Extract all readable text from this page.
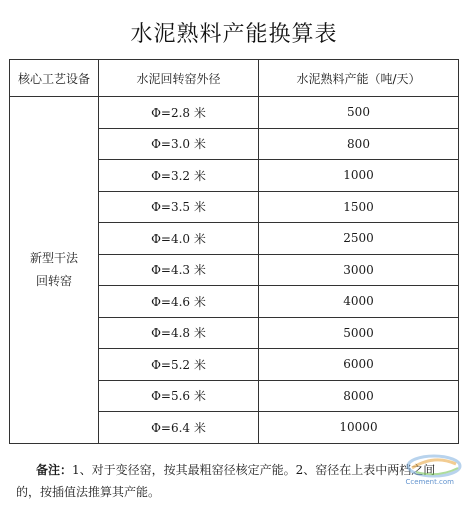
水泥熟料产能换算表
核心工艺设备	水泥回转窑外径	水泥熟料产能（吨/天）

新型干法
回转窑	Φ=2.8 米	500
	Φ=3.0 米	800
	Φ=3.2 米	1000
	Φ=3.5 米	1500
	Φ=4.0 米	2500
	Φ=4.3 米	3000
	Φ=4.6 米	4000
	Φ=4.8 米	5000
	Φ=5.2 米	6000
	Φ=5.6 米	8000
	Φ=6.4 米	10000
备注：1、对于变径窑，按其最粗窑径核定产能。2、窑径在上表中两档之间的，按插值法推算其产能。
Ccement.com
